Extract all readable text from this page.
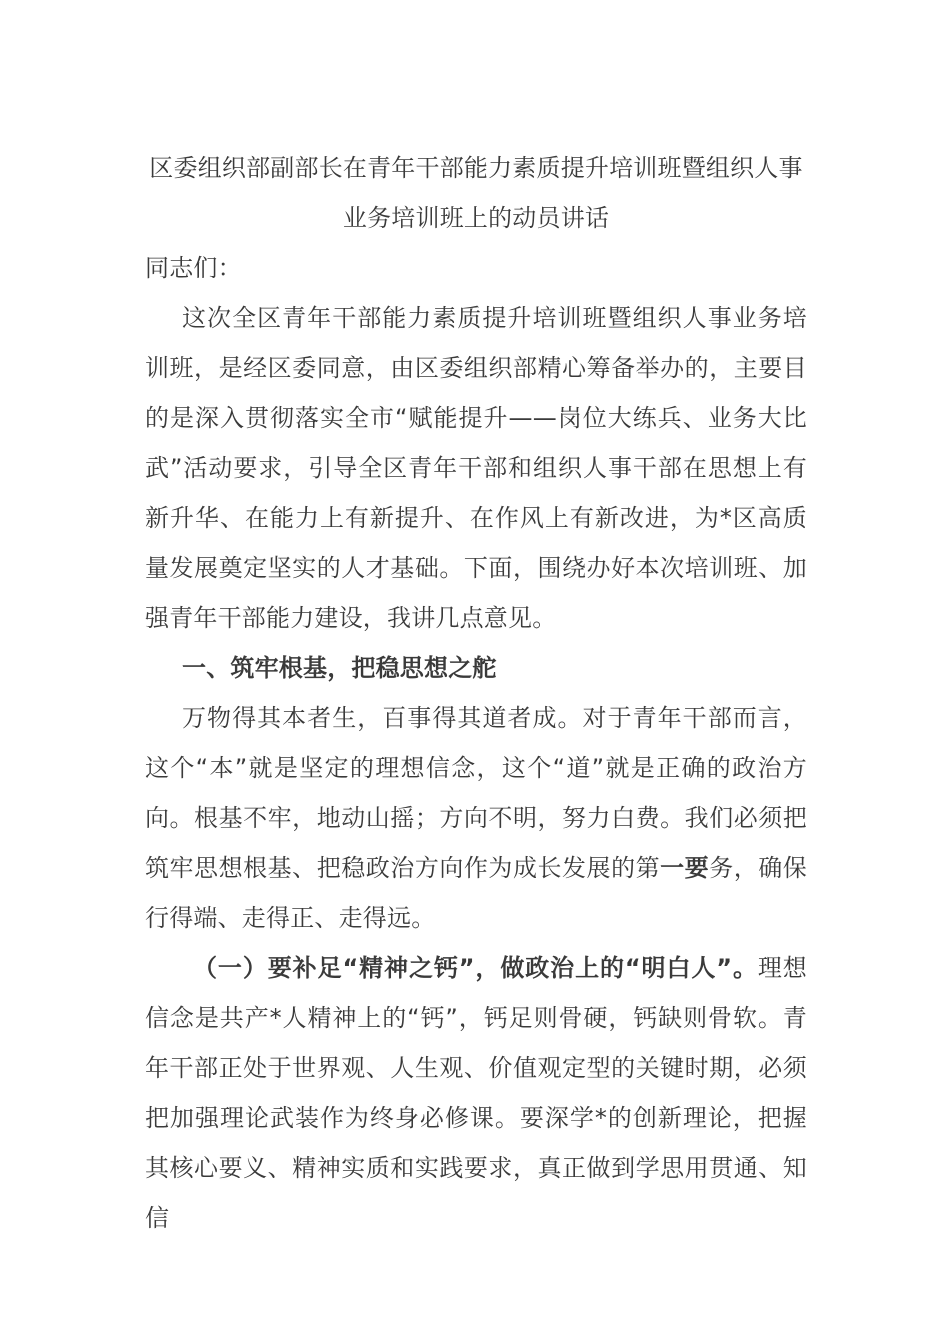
区委组织部副部长在青年干部能力素质提升培训班暨组织人事
业务培训班上的动员讲话

同志们：

这次全区青年干部能力素质提升培训班暨组织人事业务培训班，是经区委同意，由区委组织部精心筹备举办的，主要目的是深入贯彻落实全市“赋能提升——岗位大练兵、业务大比武”活动要求，引导全区青年干部和组织人事干部在思想上有新升华、在能力上有新提升、在作风上有新改进，为*区高质量发展奠定坚实的人才基础。下面，围绕办好本次培训班、加强青年干部能力建设，我讲几点意见。

一、筑牢根基，把稳思想之舵

万物得其本者生，百事得其道者成。对于青年干部而言，这个“本”就是坚定的理想信念，这个“道”就是正确的政治方向。根基不牢，地动山摇；方向不明，努力白费。我们必须把筑牢思想根基、把稳政治方向作为成长发展的第一要务，确保行得端、走得正、走得远。

（一）要补足“精神之钙”，做政治上的“明白人”。理想信念是共产*人精神上的“钙”，钙足则骨硬，钙缺则骨软。青年干部正处于世界观、人生观、价值观定型的关键时期，必须把加强理论武装作为终身必修课。要深学*的创新理论，把握其核心要义、精神实质和实践要求，真正做到学思用贯通、知信
